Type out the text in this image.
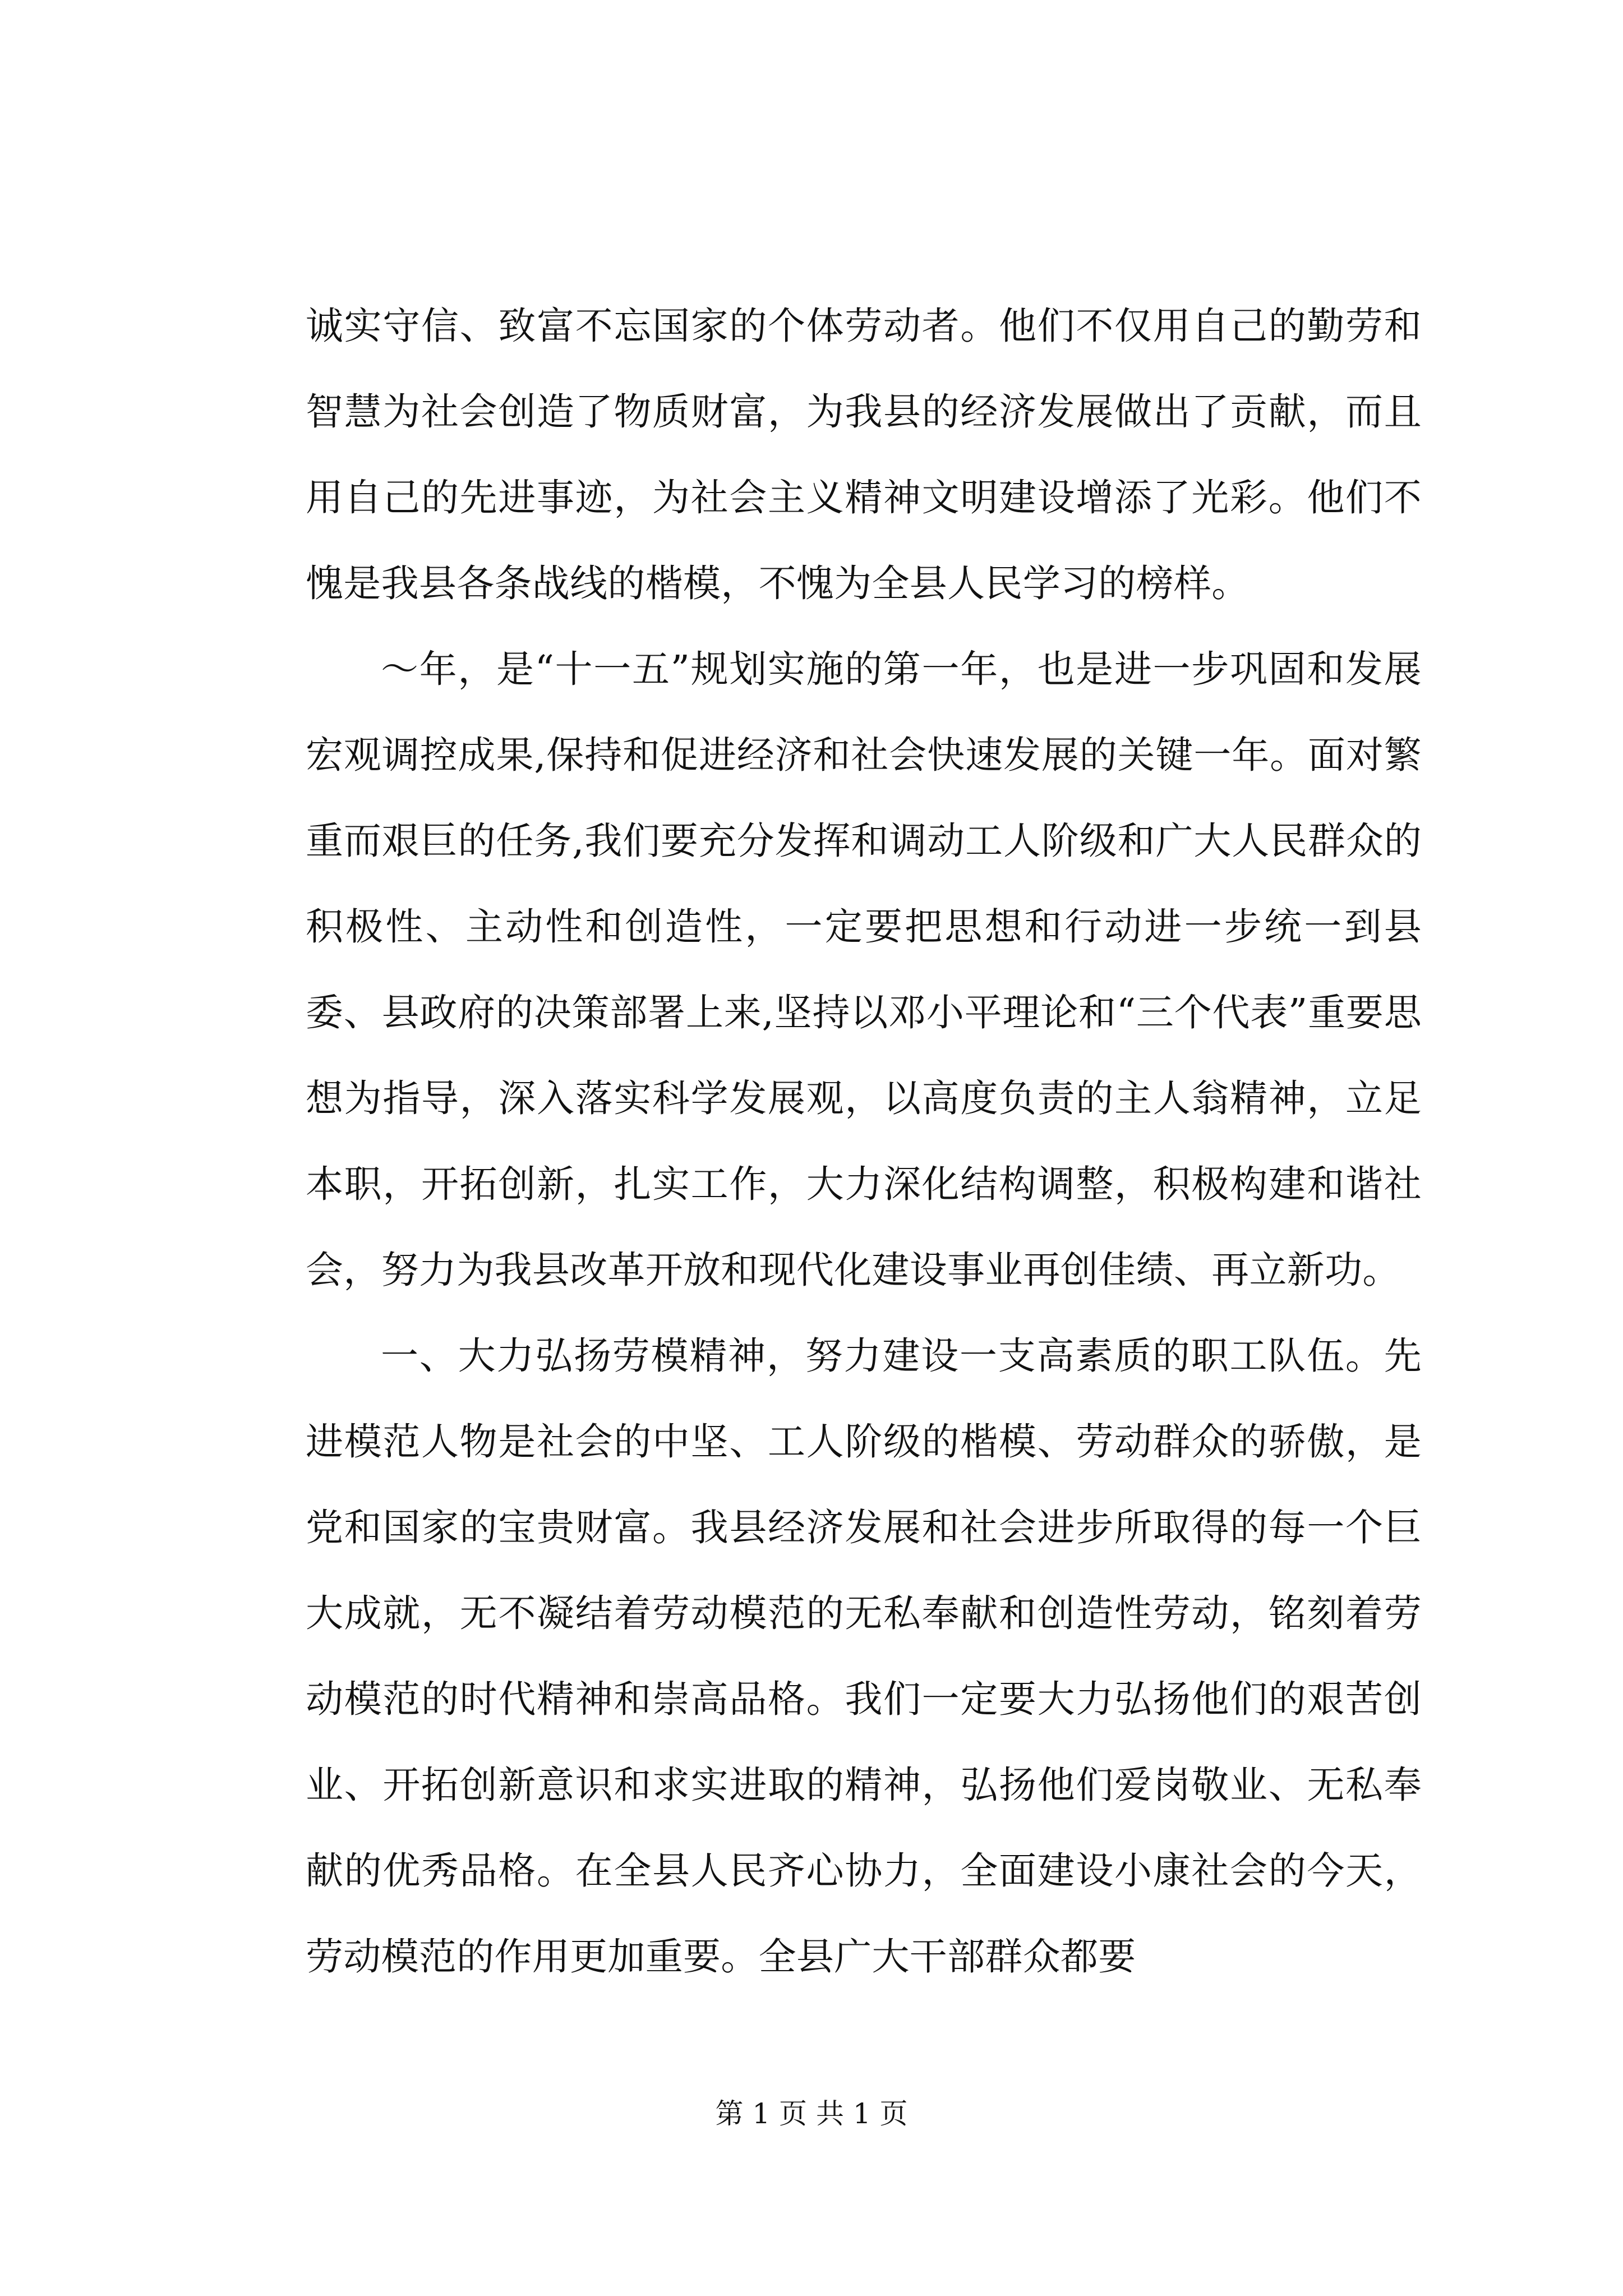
诚实守信、致富不忘国家的个体劳动者。他们不仅用自己的勤劳和智慧为社会创造了物质财富，为我县的经济发展做出了贡献，而且用自己的先进事迹，为社会主义精神文明建设增添了光彩。他们不愧是我县各条战线的楷模，不愧为全县人民学习的榜样。

～年，是“十一五”规划实施的第一年，也是进一步巩固和发展宏观调控成果,保持和促进经济和社会快速发展的关键一年。面对繁重而艰巨的任务,我们要充分发挥和调动工人阶级和广大人民群众的积极性、主动性和创造性，一定要把思想和行动进一步统一到县委、县政府的决策部署上来,坚持以邓小平理论和“三个代表”重要思想为指导，深入落实科学发展观，以高度负责的主人翁精神，立足本职，开拓创新，扎实工作，大力深化结构调整，积极构建和谐社会，努力为我县改革开放和现代化建设事业再创佳绩、再立新功。

一、大力弘扬劳模精神，努力建设一支高素质的职工队伍。先进模范人物是社会的中坚、工人阶级的楷模、劳动群众的骄傲，是党和国家的宝贵财富。我县经济发展和社会进步所取得的每一个巨大成就，无不凝结着劳动模范的无私奉献和创造性劳动，铭刻着劳动模范的时代精神和崇高品格。我们一定要大力弘扬他们的艰苦创业、开拓创新意识和求实进取的精神，弘扬他们爱岗敬业、无私奉献的优秀品格。在全县人民齐心协力，全面建设小康社会的今天，劳动模范的作用更加重要。全县广大干部群众都要

第 1 页 共 1 页
